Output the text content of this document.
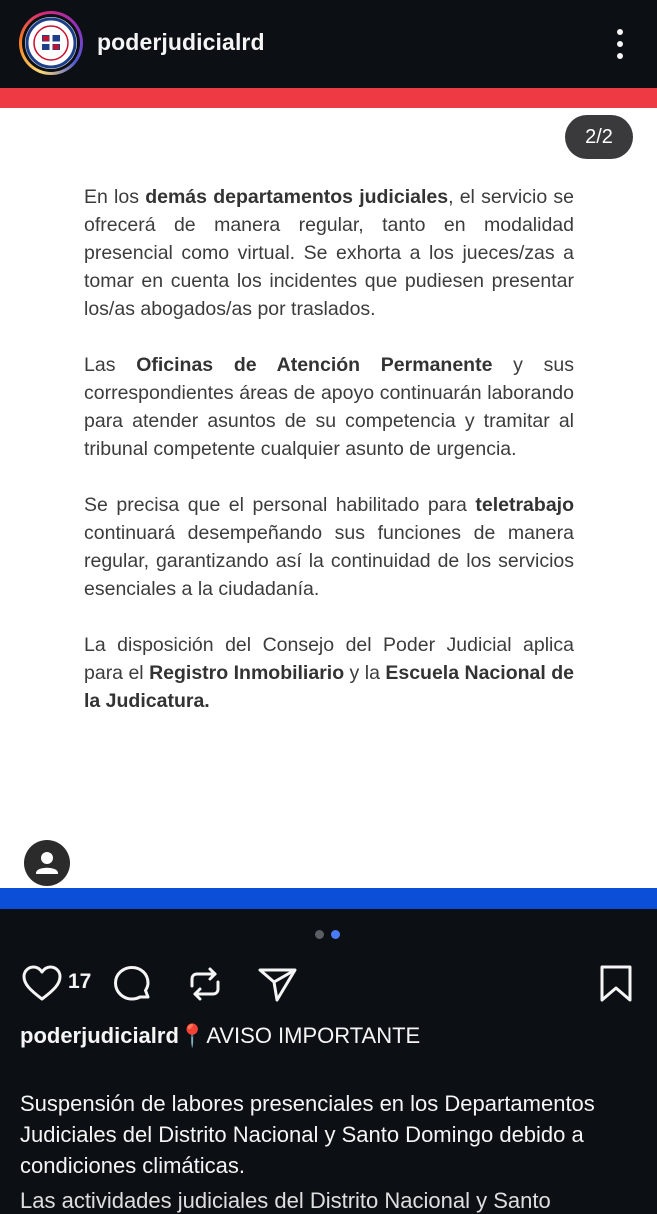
poderjudicialrd
2/2

En los demás departamentos judiciales, el servicio se ofrecerá de manera regular, tanto en modalidad presencial como virtual. Se exhorta a los jueces/zas a tomar en cuenta los incidentes que pudiesen presentar los/as abogados/as por traslados.

Las Oficinas de Atención Permanente y sus correspondientes áreas de apoyo continuarán laborando para atender asuntos de su competencia y tramitar al tribunal competente cualquier asunto de urgencia.

Se precisa que el personal habilitado para teletrabajo continuará desempeñando sus funciones de manera regular, garantizando así la continuidad de los servicios esenciales a la ciudadanía.

La disposición del Consejo del Poder Judicial aplica para el Registro Inmobiliario y la Escuela Nacional de la Judicatura.

17
poderjudicialrd📍AVISO IMPORTANTE
Suspensión de labores presenciales en los Departamentos Judiciales del Distrito Nacional y Santo Domingo debido a condiciones climáticas.
Las actividades judiciales del Distrito Nacional y Santo
